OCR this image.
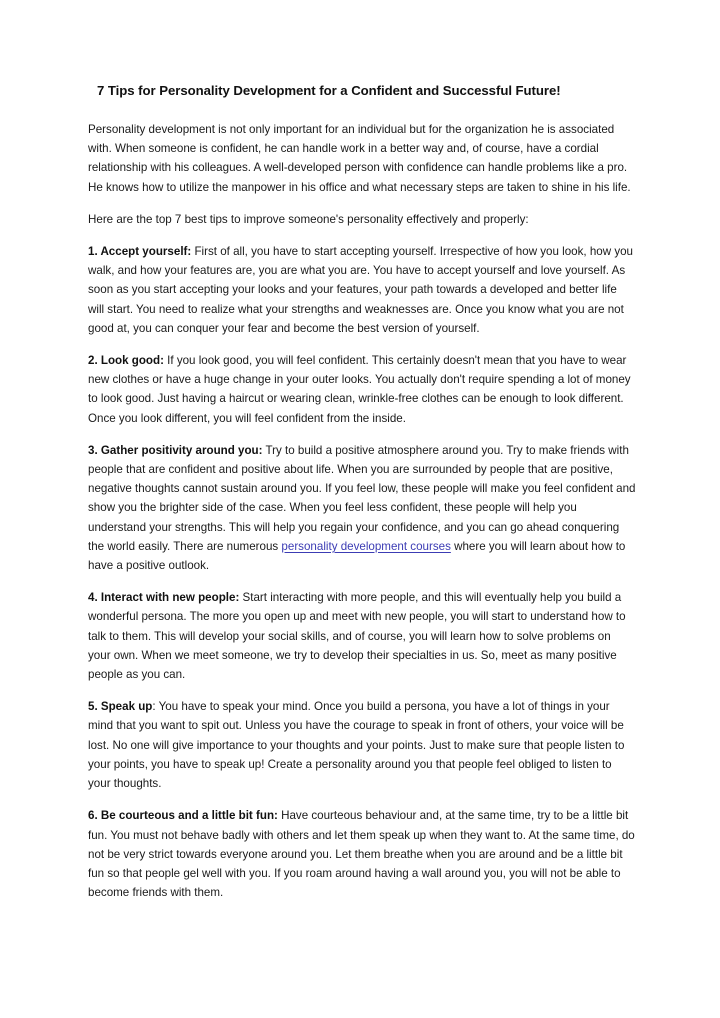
7 Tips for Personality Development for a Confident and Successful Future!

Personality development is not only important for an individual but for the organization he is associated with. When someone is confident, he can handle work in a better way and, of course, have a cordial relationship with his colleagues. A well-developed person with confidence can handle problems like a pro. He knows how to utilize the manpower in his office and what necessary steps are taken to shine in his life.

Here are the top 7 best tips to improve someone's personality effectively and properly:

1. Accept yourself: First of all, you have to start accepting yourself. Irrespective of how you look, how you walk, and how your features are, you are what you are. You have to accept yourself and love yourself. As soon as you start accepting your looks and your features, your path towards a developed and better life will start. You need to realize what your strengths and weaknesses are. Once you know what you are not good at, you can conquer your fear and become the best version of yourself.

2. Look good: If you look good, you will feel confident. This certainly doesn't mean that you have to wear new clothes or have a huge change in your outer looks. You actually don't require spending a lot of money to look good. Just having a haircut or wearing clean, wrinkle-free clothes can be enough to look different. Once you look different, you will feel confident from the inside.

3. Gather positivity around you: Try to build a positive atmosphere around you. Try to make friends with people that are confident and positive about life. When you are surrounded by people that are positive, negative thoughts cannot sustain around you. If you feel low, these people will make you feel confident and show you the brighter side of the case. When you feel less confident, these people will help you understand your strengths. This will help you regain your confidence, and you can go ahead conquering the world easily. There are numerous personality development courses where you will learn about how to have a positive outlook.

4. Interact with new people: Start interacting with more people, and this will eventually help you build a wonderful persona. The more you open up and meet with new people, you will start to understand how to talk to them. This will develop your social skills, and of course, you will learn how to solve problems on your own. When we meet someone, we try to develop their specialties in us. So, meet as many positive people as you can.

5. Speak up: You have to speak your mind. Once you build a persona, you have a lot of things in your mind that you want to spit out. Unless you have the courage to speak in front of others, your voice will be lost. No one will give importance to your thoughts and your points. Just to make sure that people listen to your points, you have to speak up! Create a personality around you that people feel obliged to listen to your thoughts.

6. Be courteous and a little bit fun: Have courteous behaviour and, at the same time, try to be a little bit fun. You must not behave badly with others and let them speak up when they want to. At the same time, do not be very strict towards everyone around you. Let them breathe when you are around and be a little bit fun so that people gel well with you. If you roam around having a wall around you, you will not be able to become friends with them.
